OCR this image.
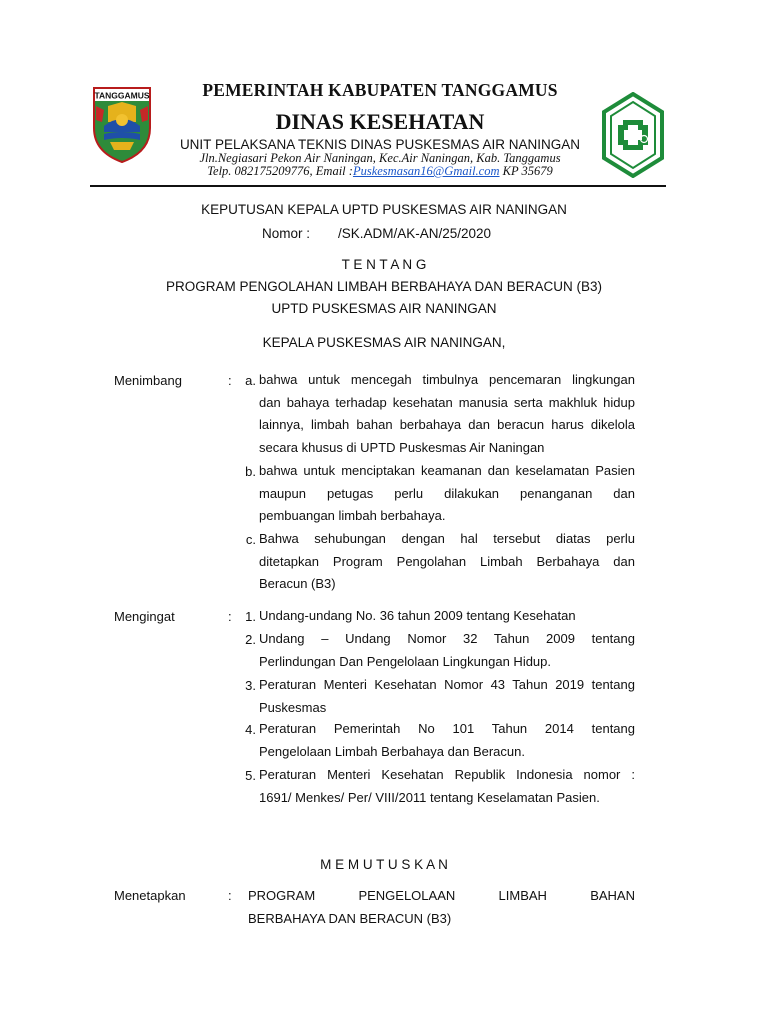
TANGGAMUS	PEMERINTAH KABUPATEN TANGGAMUS
DINAS KESEHATAN
UNIT PELAKSANA TEKNIS DINAS PUSKESMAS AIR NANINGAN
Jln.Negiasari Pekon Air Naningan, Kec.Air Naningan, Kab. Tanggamus
Telp. 082175209776, Email :Puskesmasan16@Gmail.com KP 35679
KEPUTUSAN KEPALA UPTD PUSKESMAS AIR NANINGAN
Nomor : /SK.ADM/AK-AN/25/2020
T E N T A N G
PROGRAM PENGOLAHAN LIMBAH BERBAHAYA DAN BERACUN (B3)
UPTD PUSKESMAS AIR NANINGAN
KEPALA PUSKESMAS AIR NANINGAN,
Menimbang	:	a. bahwa untuk mencegah timbulnya pencemaran lingkungan
dan bahaya terhadap kesehatan manusia serta makhluk hidup
lainnya, limbah bahan berbahaya dan beracun harus dikelola
secara khusus di UPTD Puskesmas Air Naningan
b. bahwa untuk menciptakan keamanan dan keselamatan Pasien
maupun petugas perlu dilakukan penanganan dan
pembuangan limbah berbahaya.
c. Bahwa sehubungan dengan hal tersebut diatas perlu
ditetapkan Program Pengolahan Limbah Berbahaya dan
Beracun (B3)
Mengingat	:	1. Undang-undang No. 36 tahun 2009 tentang Kesehatan
2. Undang – Undang Nomor 32 Tahun 2009 tentang
Perlindungan Dan Pengelolaan Lingkungan Hidup.
3. Peraturan Menteri Kesehatan Nomor 43 Tahun 2019 tentang
Puskesmas
4. Peraturan Pemerintah No 101 Tahun 2014 tentang
Pengelolaan Limbah Berbahaya dan Beracun.
5. Peraturan Menteri Kesehatan Republik Indonesia nomor :
1691/ Menkes/ Per/ VIII/2011 tentang Keselamatan Pasien.
M E M U T U S K A N
Menetapkan	: PROGRAM PENGELOLAAN LIMBAH BAHAN
BERBAHAYA DAN BERACUN (B3)
